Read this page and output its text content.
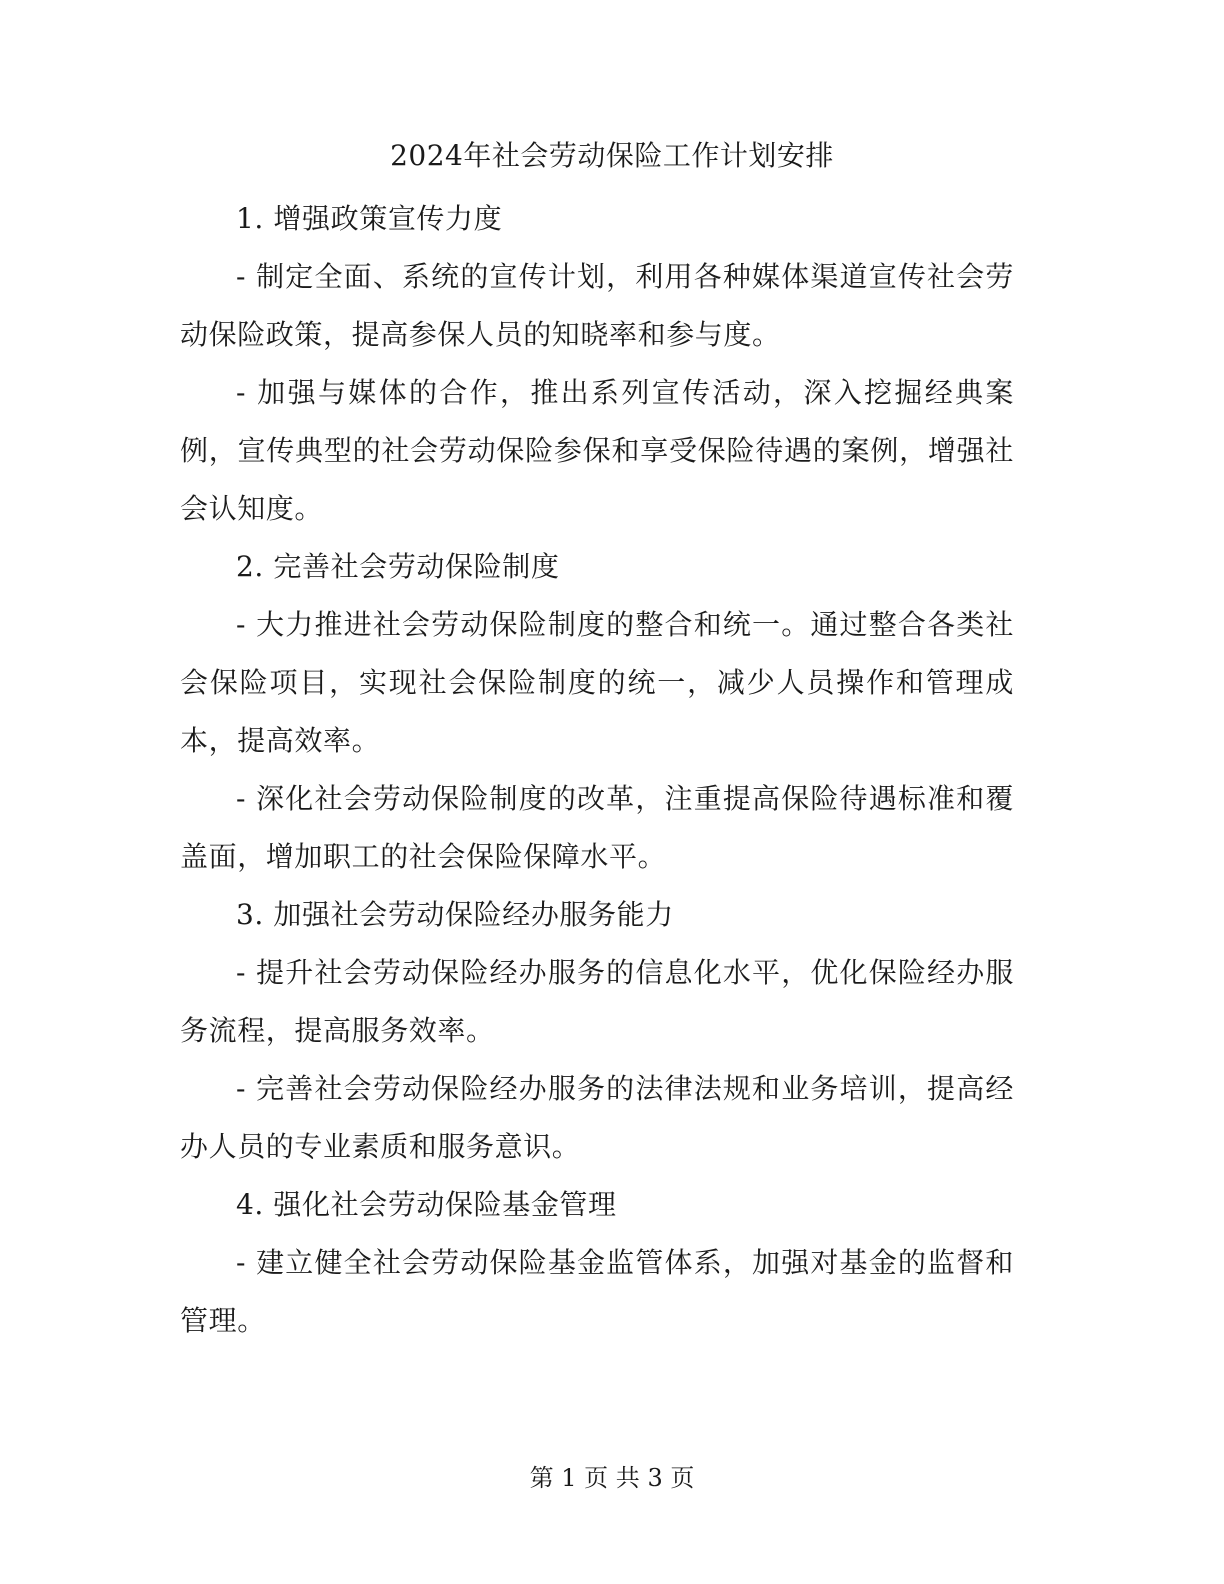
2024年社会劳动保险工作计划安排

1. 增强政策宣传力度

- 制定全面、系统的宣传计划，利用各种媒体渠道宣传社会劳动保险政策，提高参保人员的知晓率和参与度。

- 加强与媒体的合作，推出系列宣传活动，深入挖掘经典案例，宣传典型的社会劳动保险参保和享受保险待遇的案例，增强社会认知度。

2. 完善社会劳动保险制度

- 大力推进社会劳动保险制度的整合和统一。通过整合各类社会保险项目，实现社会保险制度的统一，减少人员操作和管理成本，提高效率。

- 深化社会劳动保险制度的改革，注重提高保险待遇标准和覆盖面，增加职工的社会保险保障水平。

3. 加强社会劳动保险经办服务能力

- 提升社会劳动保险经办服务的信息化水平，优化保险经办服务流程，提高服务效率。

- 完善社会劳动保险经办服务的法律法规和业务培训，提高经办人员的专业素质和服务意识。

4. 强化社会劳动保险基金管理

- 建立健全社会劳动保险基金监管体系，加强对基金的监督和管理。

第 1 页 共 3 页
